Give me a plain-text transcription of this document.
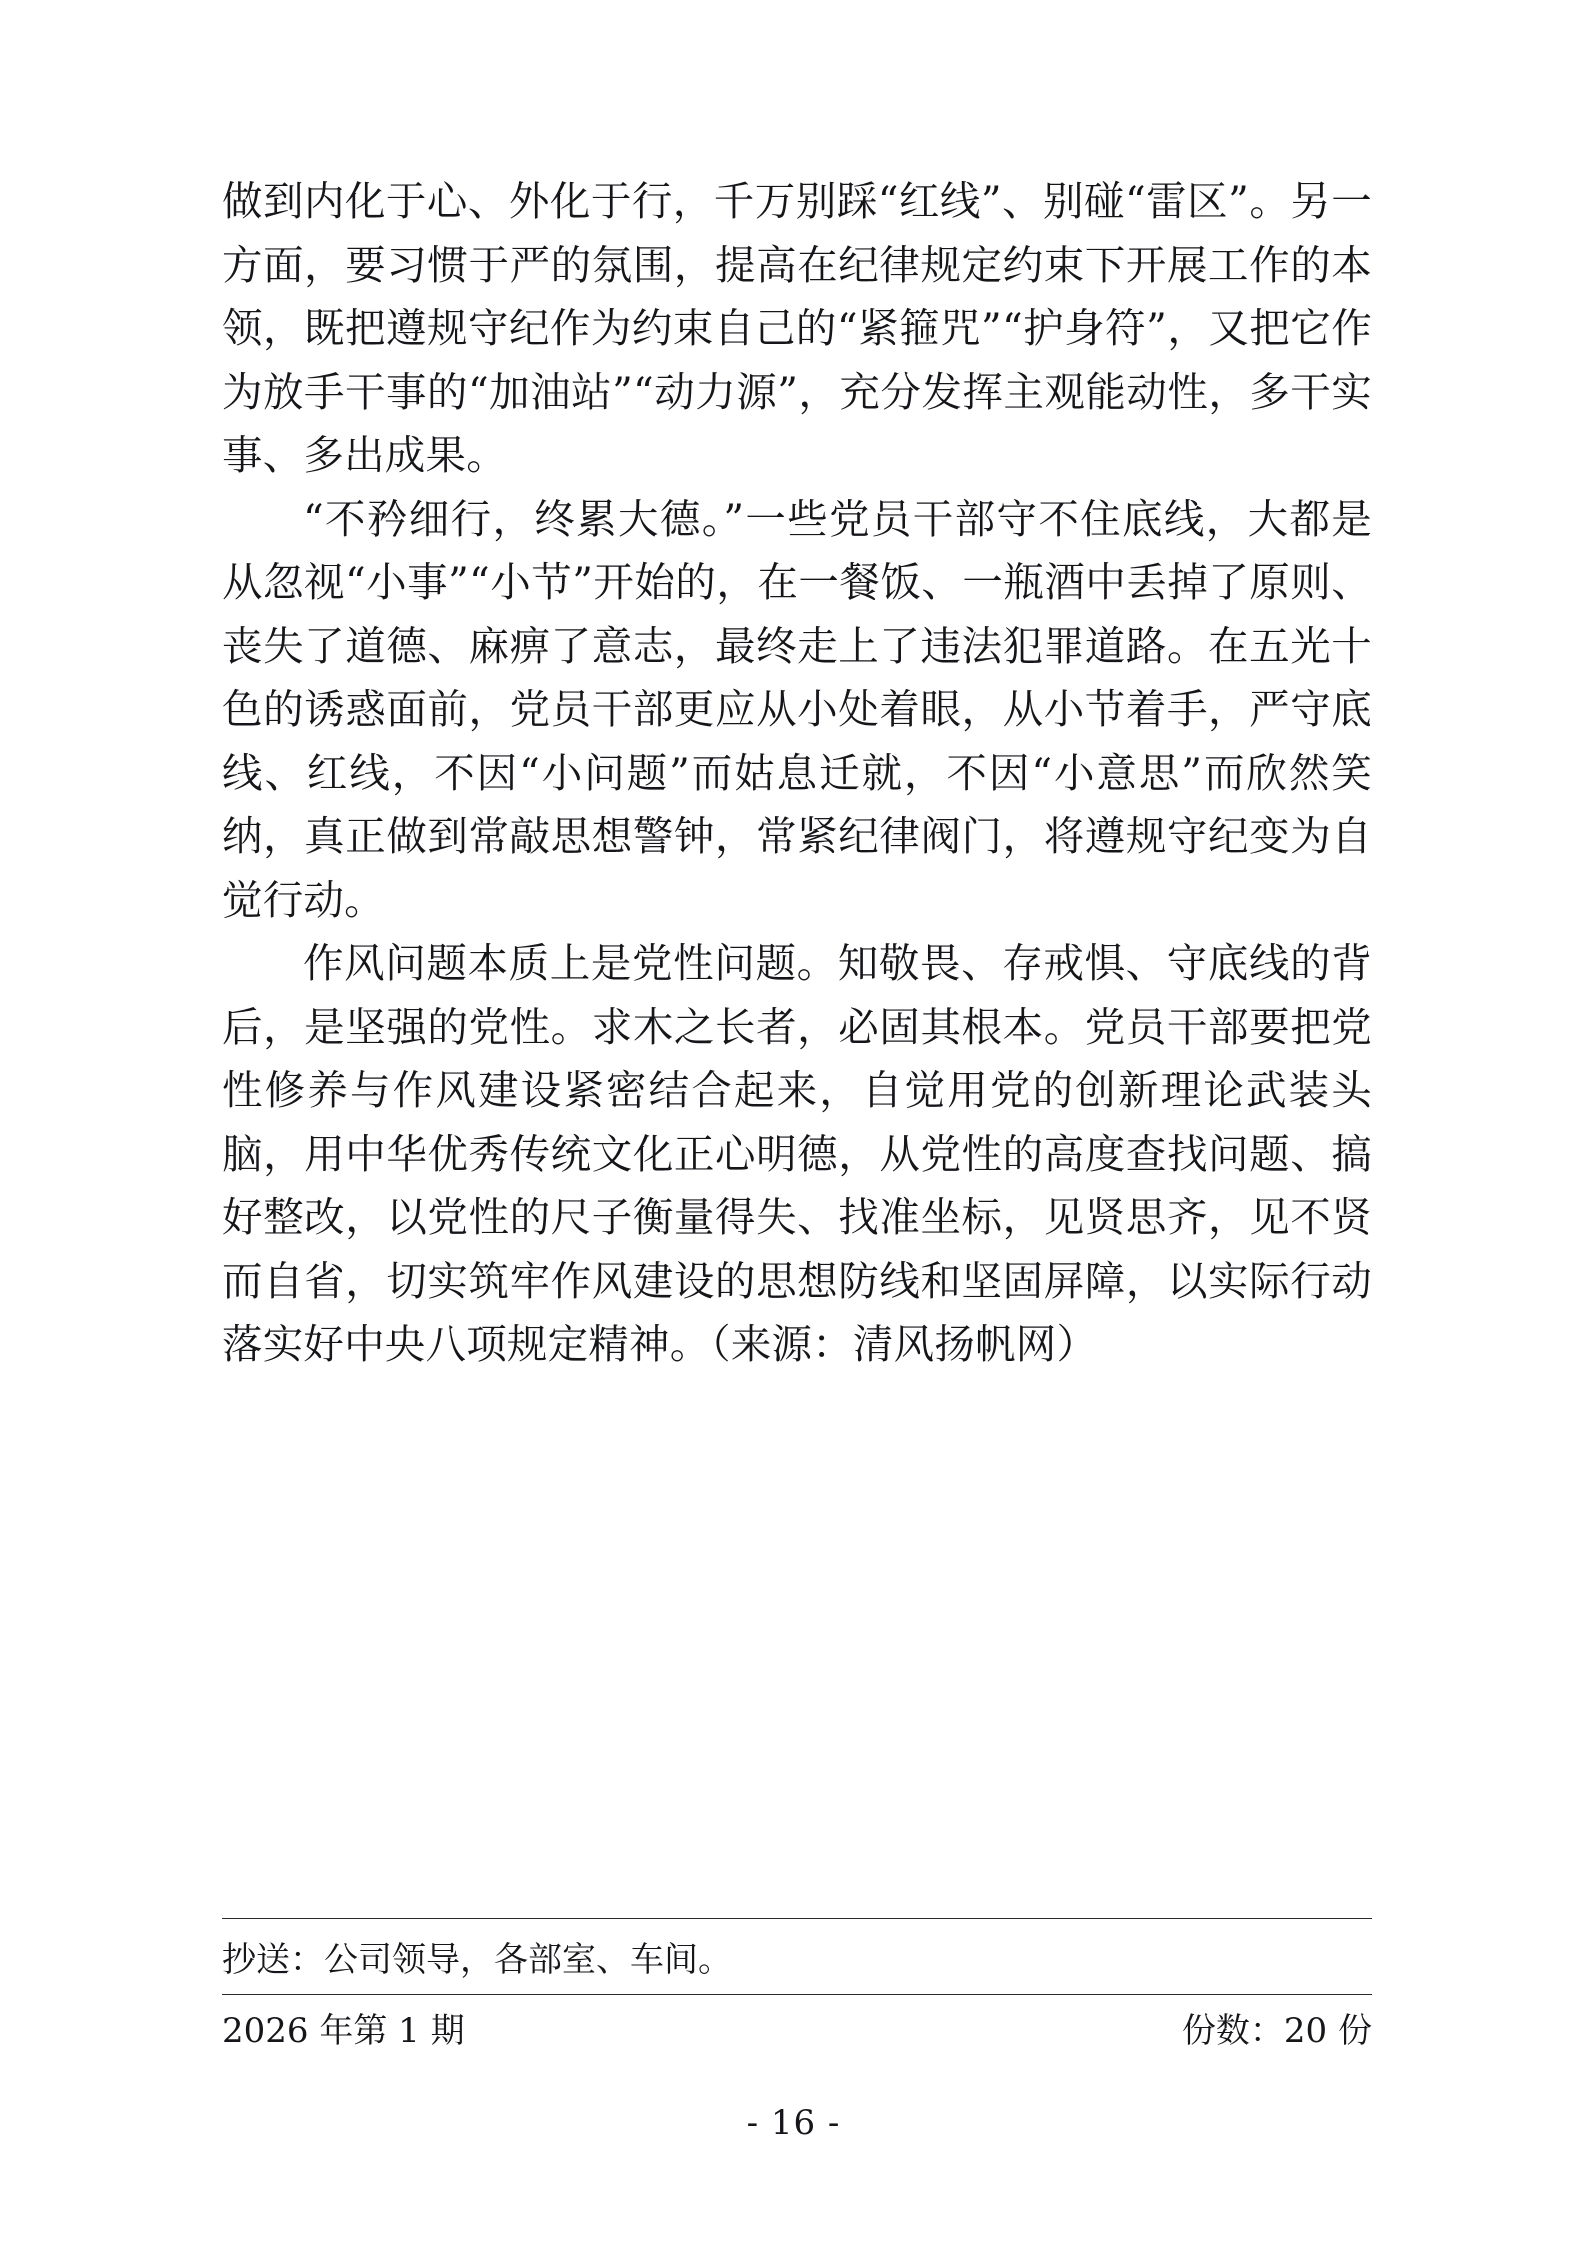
做到内化于心、外化于行，千万别踩“红线”、别碰“雷区”。另一方面，要习惯于严的氛围，提高在纪律规定约束下开展工作的本领，既把遵规守纪作为约束自己的“紧箍咒”“护身符”，又把它作为放手干事的“加油站”“动力源”，充分发挥主观能动性，多干实事、多出成果。

“不矜细行，终累大德。”一些党员干部守不住底线，大都是从忽视“小事”“小节”开始的，在一餐饭、一瓶酒中丢掉了原则、丧失了道德、麻痹了意志，最终走上了违法犯罪道路。在五光十色的诱惑面前，党员干部更应从小处着眼，从小节着手，严守底线、红线，不因“小问题”而姑息迁就，不因“小意思”而欣然笑纳，真正做到常敲思想警钟，常紧纪律阀门，将遵规守纪变为自觉行动。

作风问题本质上是党性问题。知敬畏、存戒惧、守底线的背后，是坚强的党性。求木之长者，必固其根本。党员干部要把党性修养与作风建设紧密结合起来，自觉用党的创新理论武装头脑，用中华优秀传统文化正心明德，从党性的高度查找问题、搞好整改，以党性的尺子衡量得失、找准坐标，见贤思齐，见不贤而自省，切实筑牢作风建设的思想防线和坚固屏障，以实际行动落实好中央八项规定精神。（来源：清风扬帆网）

抄送：公司领导，各部室、车间。
2026 年第 1 期	份数：20 份
- 16 -
